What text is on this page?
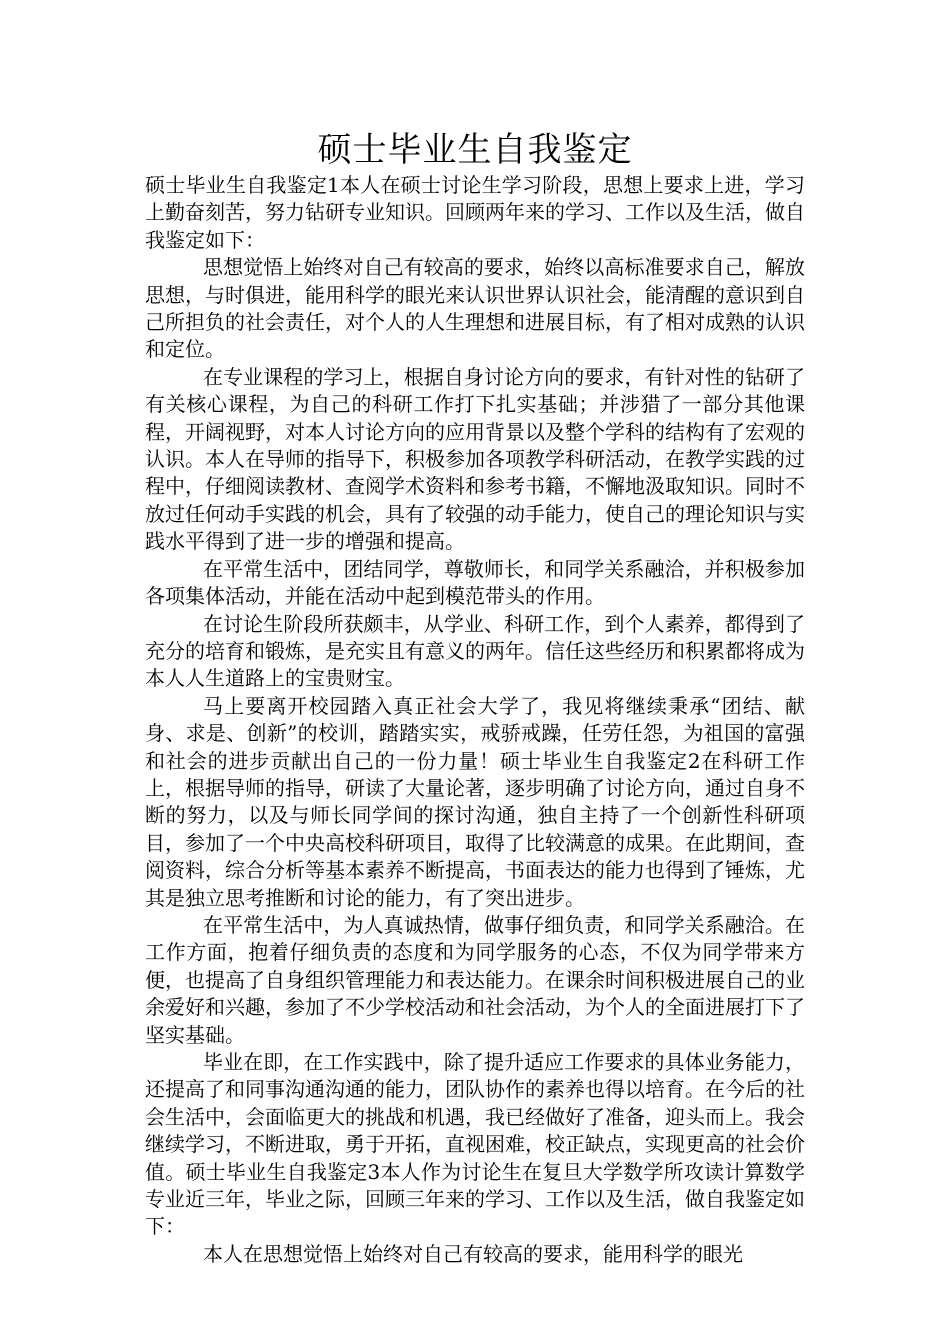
硕士毕业生自我鉴定

硕士毕业生自我鉴定1本人在硕士讨论生学习阶段，思想上要求上进，学习上勤奋刻苦，努力钻研专业知识。回顾两年来的学习、工作以及生活，做自我鉴定如下：

思想觉悟上始终对自己有较高的要求，始终以高标准要求自己，解放思想，与时俱进，能用科学的眼光来认识世界认识社会，能清醒的意识到自己所担负的社会责任，对个人的人生理想和进展目标，有了相对成熟的认识和定位。

在专业课程的学习上，根据自身讨论方向的要求，有针对性的钻研了有关核心课程，为自己的科研工作打下扎实基础；并涉猎了一部分其他课程，开阔视野，对本人讨论方向的应用背景以及整个学科的结构有了宏观的认识。本人在导师的指导下，积极参加各项教学科研活动，在教学实践的过程中，仔细阅读教材、查阅学术资料和参考书籍，不懈地汲取知识。同时不放过任何动手实践的机会，具有了较强的动手能力，使自己的理论知识与实践水平得到了进一步的增强和提高。

在平常生活中，团结同学，尊敬师长，和同学关系融洽，并积极参加各项集体活动，并能在活动中起到模范带头的作用。

在讨论生阶段所获颇丰，从学业、科研工作，到个人素养，都得到了充分的培育和锻炼，是充实且有意义的两年。信任这些经历和积累都将成为本人人生道路上的宝贵财宝。

马上要离开校园踏入真正社会大学了，我见将继续秉承“团结、献身、求是、创新”的校训，踏踏实实，戒骄戒躁，任劳任怨，为祖国的富强和社会的进步贡献出自己的一份力量！硕士毕业生自我鉴定2在科研工作上，根据导师的指导，研读了大量论著，逐步明确了讨论方向，通过自身不断的努力，以及与师长同学间的探讨沟通，独自主持了一个创新性科研项目，参加了一个中央高校科研项目，取得了比较满意的成果。在此期间，查阅资料，综合分析等基本素养不断提高，书面表达的能力也得到了锤炼，尤其是独立思考推断和讨论的能力，有了突出进步。

在平常生活中，为人真诚热情，做事仔细负责，和同学关系融洽。在工作方面，抱着仔细负责的态度和为同学服务的心态，不仅为同学带来方便，也提高了自身组织管理能力和表达能力。在课余时间积极进展自己的业余爱好和兴趣，参加了不少学校活动和社会活动，为个人的全面进展打下了坚实基础。

毕业在即，在工作实践中，除了提升适应工作要求的具体业务能力，还提高了和同事沟通沟通的能力，团队协作的素养也得以培育。在今后的社会生活中，会面临更大的挑战和机遇，我已经做好了准备，迎头而上。我会继续学习，不断进取，勇于开拓，直视困难，校正缺点，实现更高的社会价值。硕士毕业生自我鉴定3本人作为讨论生在复旦大学数学所攻读计算数学专业近三年，毕业之际，回顾三年来的学习、工作以及生活，做自我鉴定如下：

本人在思想觉悟上始终对自己有较高的要求，能用科学的眼光
